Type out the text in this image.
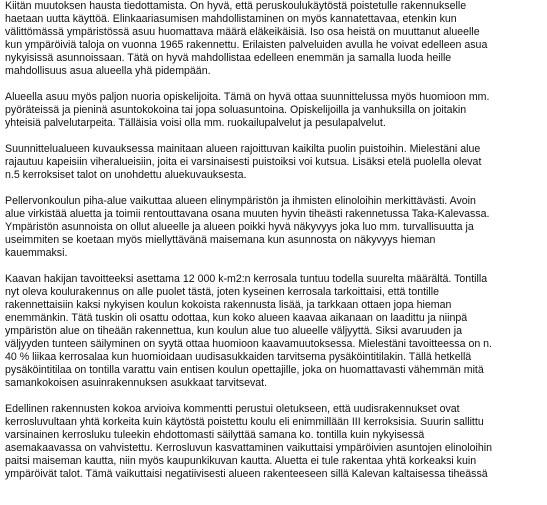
Kiitän muutoksen hausta tiedottamista. On hyvä, että peruskoulukäytöstä poistetulle rakennukselle
haetaan uutta käyttöä. Elinkaariasumisen mahdollistaminen on myös kannatettavaa, etenkin kun
välittömässä ympäristössä asuu huomattava määrä eläkeikäisiä. Iso osa heistä on muuttanut alueelle
kun ympäröiviä taloja on vuonna 1965 rakennettu. Erilaisten palveluiden avulla he voivat edelleen asua
nykyisissä asunnoissaan. Tätä on hyvä mahdollistaa edelleen enemmän ja samalla luoda heille
mahdollisuus asua alueella yhä pidempään.
Alueella asuu myös paljon nuoria opiskelijoita. Tämä on hyvä ottaa suunnittelussa myös huomioon mm.
pyöräteissä ja pieninä asuntokokoina tai jopa soluasuntoina. Opiskelijoilla ja vanhuksilla on joitakin
yhteisiä palvelutarpeita. Tälläisia voisi olla mm. ruokailupalvelut ja pesulapalvelut.
Suunnittelualueen kuvauksessa mainitaan alueen rajoittuvan kaikilta puolin puistoihin. Mielestäni alue
rajautuu kapeisiin viheralueisiin, joita ei varsinaisesti puistoiksi voi kutsua. Lisäksi etelä puolella olevat
n.5 kerroksiset talot on unohdettu aluekuvauksesta.
Pellervonkoulun piha-alue vaikuttaa alueen elinympäristön ja ihmisten elinoloihin merkittävästi. Avoin
alue virkistää aluetta ja toimii rentouttavana osana muuten hyvin tiheästi rakennetussa Taka-Kalevassa.
Ympäristön asunnoista on ollut alueelle ja alueen poikki hyvä näkyvyys joka luo mm. turvallisuutta ja
useimmiten se koetaan myös miellyttävänä maisemana kun asunnosta on näkyvyys hieman
kauemmaksi.
Kaavan hakijan tavoitteeksi asettama 12 000 k-m2:n kerrosala tuntuu todella suurelta määrältä. Tontilla
nyt oleva koulurakennus on alle puolet tästä, joten kyseinen kerrosala tarkoittaisi, että tontille
rakennettaisiin kaksi nykyisen koulun kokoista rakennusta lisää, ja tarkkaan ottaen jopa hieman
enemmänkin. Tätä tuskin oli osattu odottaa, kun koko alueen kaavaa aikanaan on laadittu ja niinpä
ympäristön alue on tiheään rakennettua, kun koulun alue tuo alueelle väljyyttä. Siksi avaruuden ja
väljyyden tunteen säilyminen on syytä ottaa huomioon kaavamuutoksessa. Mielestäni tavoitteessa on n.
40 % liikaa kerrosalaa kun huomioidaan uudisasukkaiden tarvitsema pysäköintitilakin. Tällä hetkellä
pysäköintitilaa on tontilla varattu vain entisen koulun opettajille, joka on huomattavasti vähemmän mitä
samankokoisen asuinrakennuksen asukkaat tarvitsevat.
Edellinen rakennusten kokoa arvioiva kommentti perustui oletukseen, että uudisrakennukset ovat
kerrosluvultaan yhtä korkeita kuin käytöstä poistettu koulu eli enimmillään III kerroksisia. Suurin sallittu
varsinainen kerrosluku tuleekin ehdottomasti säilyttää samana ko. tontilla kuin nykyisessä
asemakaavassa on vahvistettu. Kerrosluvun kasvattaminen vaikuttaisi ympäröivien asuntojen elinoloihin
paitsi maiseman kautta, niin myös kaupunkikuvan kautta. Aluetta ei tule rakentaa yhtä korkeaksi kuin
ympäröivät talot. Tämä vaikuttaisi negatiivisesti alueen rakenteeseen sillä Kalevan kaltaisessa tiheässä
